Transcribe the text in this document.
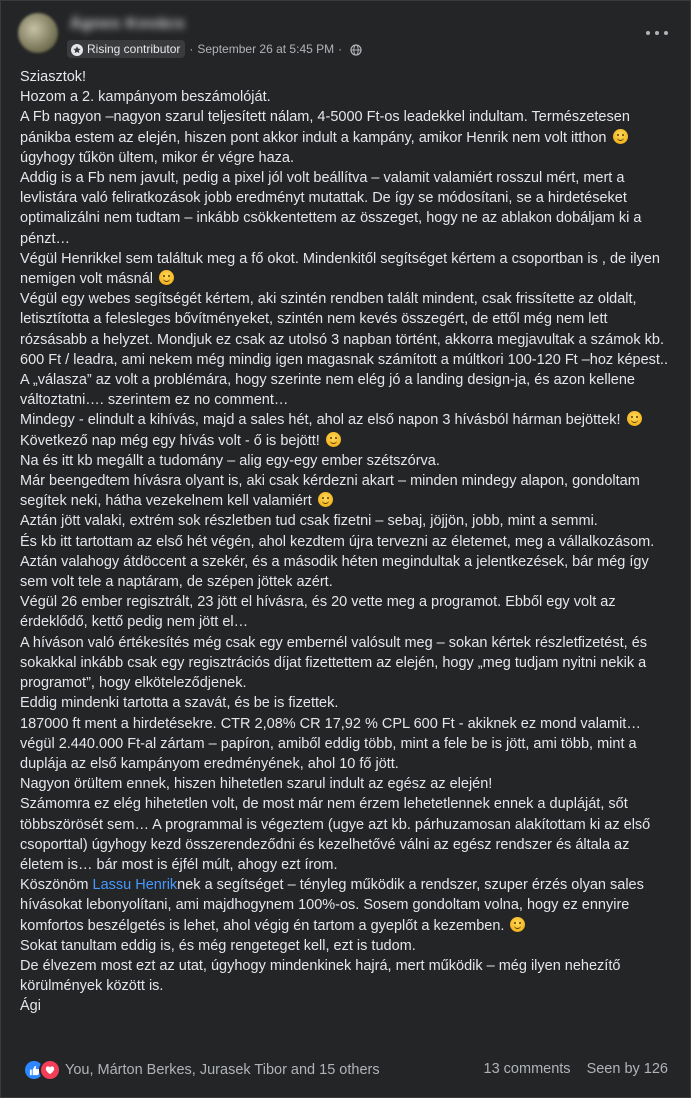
Ágnes Kovács
Rising contributor · September 26 at 5:45 PM ·

Sziasztok!

Hozom a 2. kampányom beszámolóját.

A Fb nagyon –nagyon szarul teljesített nálam, 4-5000 Ft-os leadekkel indultam. Természetesen pánikba estem az elején, hiszen pont akkor indult a kampány, amikor Henrik nem volt itthon  úgyhogy tűkön ültem, mikor ér végre haza.

Addig is a Fb nem javult, pedig a pixel jól volt beállítva – valamit valamiért rosszul mért, mert a levlistára való feliratkozások jobb eredményt mutattak. De így se módosítani, se a hirdetéseket optimalizálni nem tudtam – inkább csökkentettem az összeget, hogy ne az ablakon dobáljam ki a pénzt…

Végül Henrikkel sem találtuk meg a fő okot. Mindenkitől segítséget kértem a csoportban is , de ilyen nemigen volt másnál

Végül egy webes segítségét kértem, aki szintén rendben talált mindent, csak frissítette az oldalt, letisztította a felesleges bővítményeket, szintén nem kevés összegért, de ettől még nem lett rózsásabb a helyzet. Mondjuk ez csak az utolsó 3 napban történt, akkorra megjavultak a számok kb. 600 Ft / leadra, ami nekem még mindig igen magasnak számított a múltkori 100-120 Ft –hoz képest..

A „válasza” az volt a problémára, hogy szerinte nem elég jó a landing design-ja, és azon kellene változtatni…. szerintem ez no comment…

Mindegy - elindult a kihívás, majd a sales hét, ahol az első napon 3 hívásból hárman bejöttek!

Következő nap még egy hívás volt - ő is bejött!

Na és itt kb megállt a tudomány – alig egy-egy ember szétszórva.

Már beengedtem hívásra olyant is, aki csak kérdezni akart – minden mindegy alapon, gondoltam segítek neki, hátha vezekelnem kell valamiért

Aztán jött valaki, extrém sok részletben tud csak fizetni – sebaj, jöjjön, jobb, mint a semmi.

És kb itt tartottam az első hét végén, ahol kezdtem újra tervezni az életemet, meg a vállalkozásom.

Aztán valahogy átdöccent a szekér, és a második héten megindultak a jelentkezések, bár még így sem volt tele a naptáram, de szépen jöttek azért.

Végül 26 ember regisztrált, 23 jött el hívásra, és 20 vette meg a programot. Ebből egy volt az érdeklődő, kettő pedig nem jött el…

A híváson való értékesítés még csak egy embernél valósult meg – sokan kértek részletfizetést, és sokakkal inkább csak egy regisztrációs díjat fizettettem az elején, hogy „meg tudjam nyitni nekik a programot”, hogy elköteleződjenek.

Eddig mindenki tartotta a szavát, és be is fizettek.

187000 ft ment a hirdetésekre. CTR 2,08% CR 17,92 % CPL 600 Ft - akiknek ez mond valamit… végül 2.440.000 Ft-al zártam – papíron, amiből eddig több, mint a fele be is jött, ami több, mint a duplája az első kampányom eredményének, ahol 10 fő jött.

Nagyon örültem ennek, hiszen hihetetlen szarul indult az egész az elején!

Számomra ez elég hihetetlen volt, de most már nem érzem lehetetlennek ennek a dupláját, sőt többszörösét sem… A programmal is végeztem (ugye azt kb. párhuzamosan alakítottam ki az első csoporttal) úgyhogy kezd összerendeződni és kezelhetővé válni az egész rendszer és általa az életem is… bár most is éjfél múlt, ahogy ezt írom.

Köszönöm Lassu Henriknek a segítséget – tényleg működik a rendszer, szuper érzés olyan sales hívásokat lebonyolítani, ami majdhogynem 100%-os. Sosem gondoltam volna, hogy ez ennyire komfortos beszélgetés is lehet, ahol végig én tartom a gyeplőt a kezemben.

Sokat tanultam eddig is, és még rengeteget kell, ezt is tudom.

De élvezem most ezt az utat, úgyhogy mindenkinek hajrá, mert működik – még ilyen nehezítő körülmények között is.

Ági

You, Márton Berkes, Jurasek Tibor and 15 others	13 comments Seen by 126
